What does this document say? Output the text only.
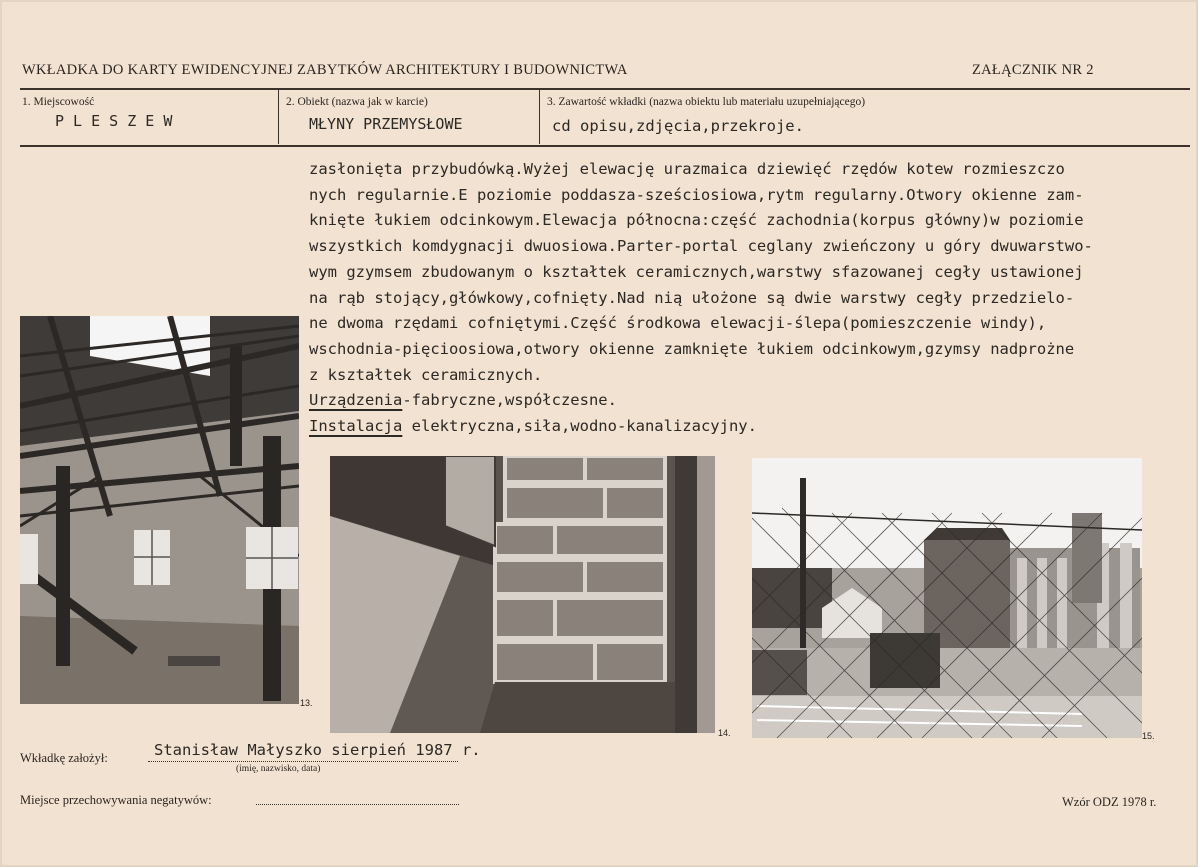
WKŁADKA DO KARTY EWIDENCYJNEJ ZABYTKÓW ARCHITEKTURY I BUDOWNICTWA	ZAŁĄCZNIK NR 2
1. Miejscowość
P L E S Z E W
2. Obiekt (nazwa jak w karcie)
MŁYNY PRZEMYSŁOWE
3. Zawartość wkładki (nazwa obiektu lub materiału uzupełniającego)
cd opisu,zdjęcia,przekroje.
zasłonięta przybudówką.Wyżej elewację urazmaica dziewięć rzędów kotew rozmieszczo
nych regularnie.E poziomie poddasza-sześciosiowa,rytm regularny.Otwory okienne zam-
knięte łukiem odcinkowym.Elewacja północna:część zachodnia(korpus główny)w poziomie
wszystkich komdygnacji dwuosiowa.Parter-portal ceglany zwieńczony u góry dwuwarstwo-
wym gzymsem zbudowanym o kształtek ceramicznych,warstwy sfazowanej cegły ustawionej
na rąb stojący,główkowy,cofnięty.Nad nią ułożone są dwie warstwy cegły przedzielo-
ne dwoma rzędami cofniętymi.Część środkowa elewacji-ślepa(pomieszczenie windy),
wschodnia-pięcioosiowa,otwory okienne zamknięte łukiem odcinkowym,gzymsy nadprożne
z kształtek ceramicznych.
Urządzenia-fabryczne,współczesne.
Instalacja elektryczna,siła,wodno-kanalizacyjny.
13.
14.	15.
Wkładkę założył:	Stanisław Małyszko sierpień 1987 r.
(imię, nazwisko, data)
Miejsce przechowywania negatywów:	Wzór ODZ 1978 r.
